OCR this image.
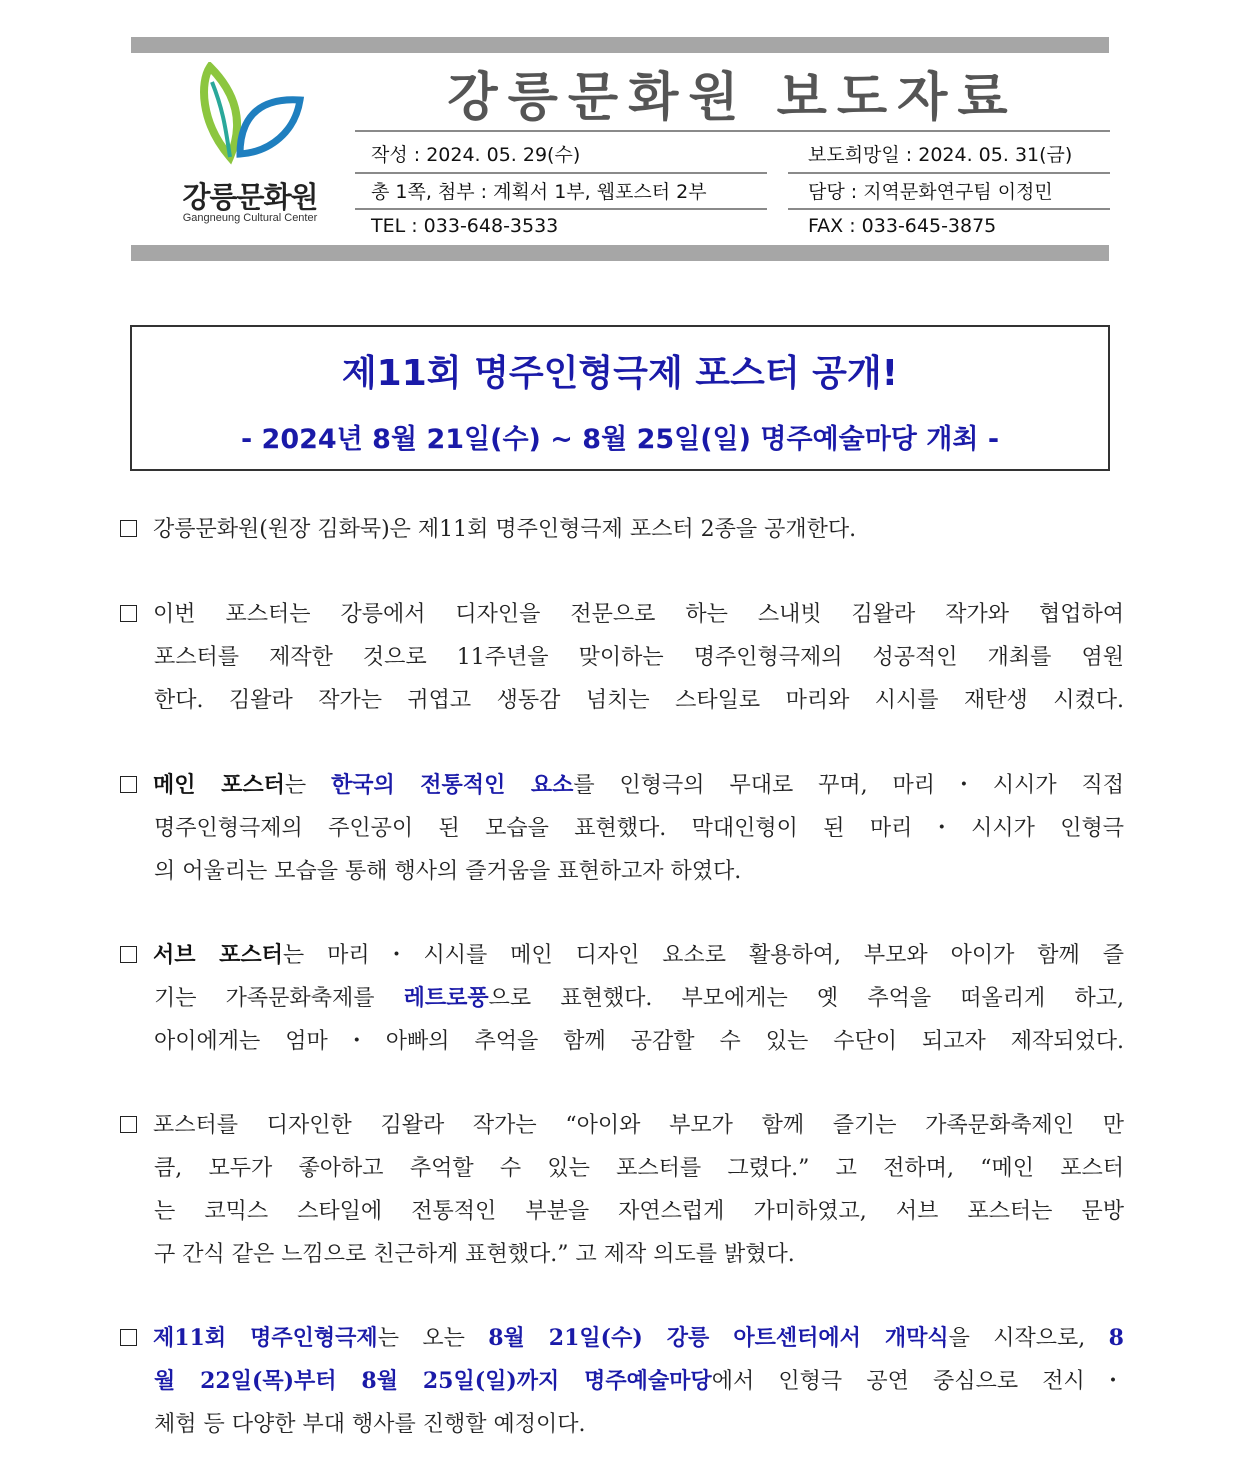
강릉문화원
Gangneung Cultural Center
강릉문화원 보도자료
작성 : 2024. 05. 29(수)	보도희망일 : 2024. 05. 31(금)
총 1쪽, 첨부 : 계획서 1부, 웹포스터 2부	담당 : 지역문화연구팀 이정민
TEL : 033-648-3533	FAX : 033-645-3875
제11회 명주인형극제 포스터 공개!
- 2024년 8월 21일(수) ~ 8월 25일(일) 명주예술마당 개최 -
강릉문화원(원장 김화묵)은 제11회 명주인형극제 포스터 2종을 공개한다.
이번 포스터는 강릉에서 디자인을 전문으로 하는 스내빗 김왈라 작가와 협업하여
포스터를 제작한 것으로 11주년을 맞이하는 명주인형극제의 성공적인 개최를 염원
한다. 김왈라 작가는 귀엽고 생동감 넘치는 스타일로 마리와 시시를 재탄생 시켰다.
메인 포스터는 한국의 전통적인 요소를 인형극의 무대로 꾸며, 마리・시시가 직접
명주인형극제의 주인공이 된 모습을 표현했다. 막대인형이 된 마리・시시가 인형극
의 어울리는 모습을 통해 행사의 즐거움을 표현하고자 하였다.
서브 포스터는 마리・시시를 메인 디자인 요소로 활용하여, 부모와 아이가 함께 즐
기는 가족문화축제를 레트로풍으로 표현했다. 부모에게는 옛 추억을 떠올리게 하고,
아이에게는 엄마・아빠의 추억을 함께 공감할 수 있는 수단이 되고자 제작되었다.
포스터를 디자인한 김왈라 작가는 “아이와 부모가 함께 즐기는 가족문화축제인 만
큼, 모두가 좋아하고 추억할 수 있는 포스터를 그렸다.” 고 전하며, “메인 포스터
는 코믹스 스타일에 전통적인 부분을 자연스럽게 가미하였고, 서브 포스터는 문방
구 간식 같은 느낌으로 친근하게 표현했다.” 고 제작 의도를 밝혔다.
제11회 명주인형극제는 오는 8월 21일(수) 강릉 아트센터에서 개막식을 시작으로, 8
월 22일(목)부터 8월 25일(일)까지 명주예술마당에서 인형극 공연 중심으로 전시・
체험 등 다양한 부대 행사를 진행할 예정이다.
